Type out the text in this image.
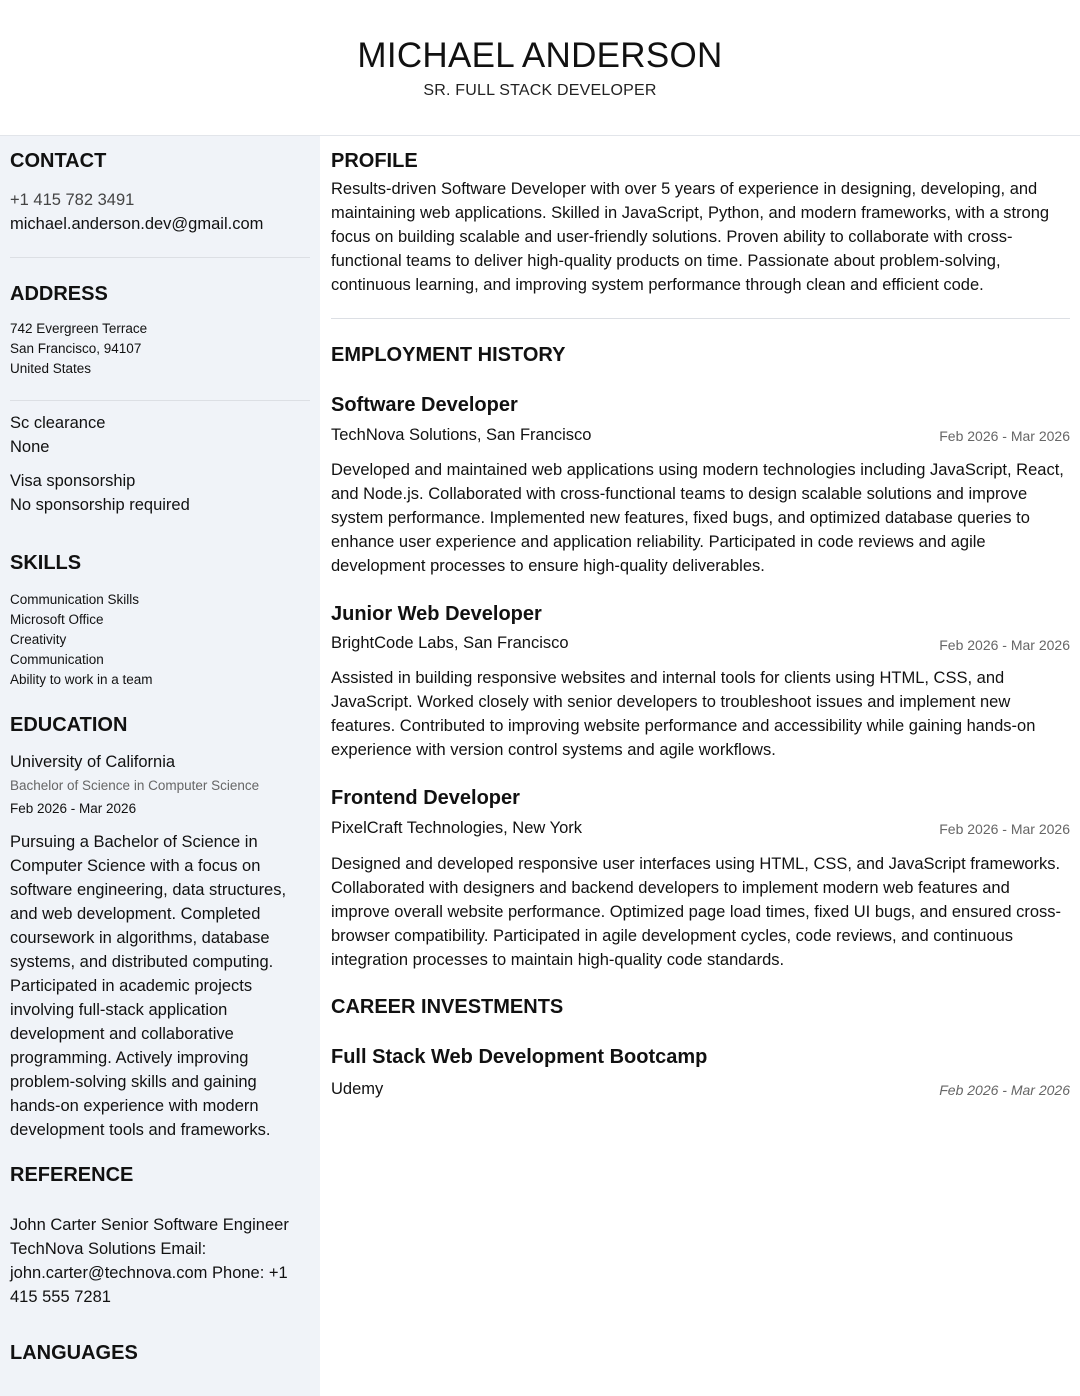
MICHAEL ANDERSON
SR. FULL STACK DEVELOPER
CONTACT
+1 415 782 3491
michael.anderson.dev@gmail.com
ADDRESS
742 Evergreen Terrace
San Francisco, 94107
United States
Sc clearance
None
Visa sponsorship
No sponsorship required
SKILLS
Communication Skills
Microsoft Office
Creativity
Communication
Ability to work in a team
EDUCATION
University of California
Bachelor of Science in Computer Science
Feb 2026 - Mar 2026
Pursuing a Bachelor of Science in Computer Science with a focus on software engineering, data structures, and web development. Completed coursework in algorithms, database systems, and distributed computing. Participated in academic projects involving full-stack application development and collaborative programming. Actively improving problem-solving skills and gaining hands-on experience with modern development tools and frameworks.
REFERENCE
John Carter Senior Software Engineer TechNova Solutions Email: john.carter@technova.com Phone: +1 415 555 7281
LANGUAGES
PROFILE
Results-driven Software Developer with over 5 years of experience in designing, developing, and maintaining web applications. Skilled in JavaScript, Python, and modern frameworks, with a strong focus on building scalable and user-friendly solutions. Proven ability to collaborate with cross-functional teams to deliver high-quality products on time. Passionate about problem-solving, continuous learning, and improving system performance through clean and efficient code.
EMPLOYMENT HISTORY
Software Developer
TechNova Solutions, San Francisco	Feb 2026 - Mar 2026
Developed and maintained web applications using modern technologies including JavaScript, React, and Node.js. Collaborated with cross-functional teams to design scalable solutions and improve system performance. Implemented new features, fixed bugs, and optimized database queries to enhance user experience and application reliability. Participated in code reviews and agile development processes to ensure high-quality deliverables.
Junior Web Developer
BrightCode Labs, San Francisco	Feb 2026 - Mar 2026
Assisted in building responsive websites and internal tools for clients using HTML, CSS, and JavaScript. Worked closely with senior developers to troubleshoot issues and implement new features. Contributed to improving website performance and accessibility while gaining hands-on experience with version control systems and agile workflows.
Frontend Developer
PixelCraft Technologies, New York	Feb 2026 - Mar 2026
Designed and developed responsive user interfaces using HTML, CSS, and JavaScript frameworks. Collaborated with designers and backend developers to implement modern web features and improve overall website performance. Optimized page load times, fixed UI bugs, and ensured cross-browser compatibility. Participated in agile development cycles, code reviews, and continuous integration processes to maintain high-quality code standards.
CAREER INVESTMENTS
Full Stack Web Development Bootcamp
Udemy	Feb 2026 - Mar 2026
